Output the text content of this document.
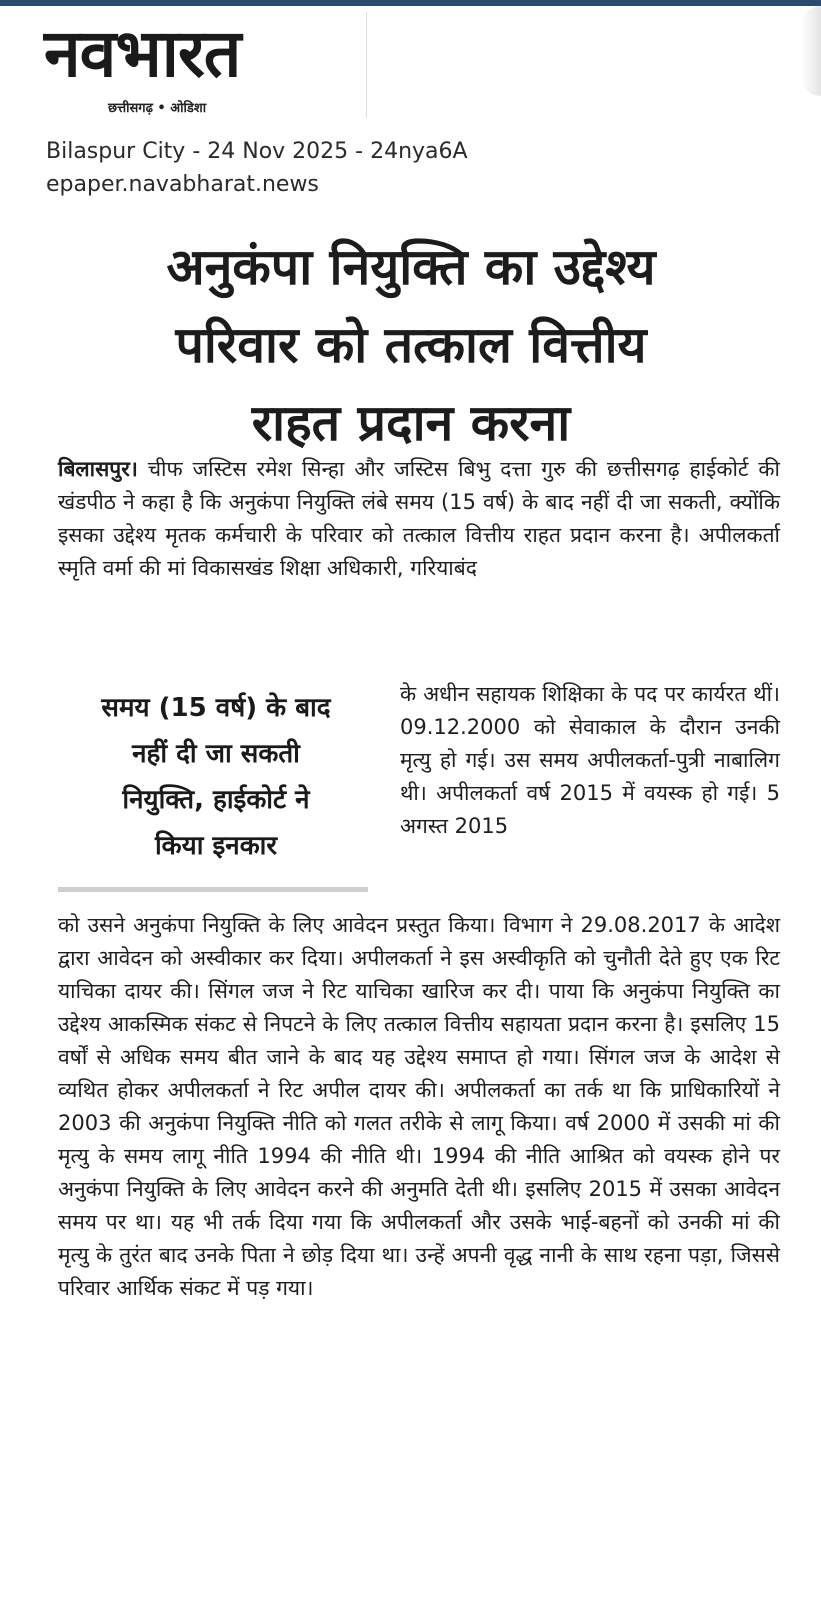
नवभारत
छत्तीसगढ़ • ओडिशा
Bilaspur City - 24 Nov 2025 - 24nya6A
epaper.navabharat.news
अनुकंपा नियुक्ति का उद्देश्य
परिवार को तत्काल वित्तीय
राहत प्रदान करना
बिलासपुर। चीफ जस्टिस रमेश सिन्हा और जस्टिस बिभु दत्ता गुरु की छत्तीसगढ़ हाईकोर्ट की खंडपीठ ने कहा है कि अनुकंपा नियुक्ति लंबे समय (15 वर्ष) के बाद नहीं दी जा सकती, क्योंकि इसका उद्देश्य मृतक कर्मचारी के परिवार को तत्काल वित्तीय राहत प्रदान करना है। अपीलकर्ता स्मृति वर्मा की मां विकासखंड शिक्षा अधिकारी, गरियाबंद
समय (15 वर्ष) के बाद
नहीं दी जा सकती
नियुक्ति, हाईकोर्ट ने
किया इनकार
के अधीन सहायक शिक्षिका के पद पर कार्यरत थीं। 09.12.2000 को सेवाकाल के दौरान उनकी मृत्यु हो गई। उस समय अपीलकर्ता-पुत्री नाबालिग थी। अपीलकर्ता वर्ष 2015 में वयस्क हो गई। 5 अगस्त 2015
को उसने अनुकंपा नियुक्ति के लिए आवेदन प्रस्तुत किया। विभाग ने 29.08.2017 के आदेश द्वारा आवेदन को अस्वीकार कर दिया। अपीलकर्ता ने इस अस्वीकृति को चुनौती देते हुए एक रिट याचिका दायर की। सिंगल जज ने रिट याचिका खारिज कर दी। पाया कि अनुकंपा नियुक्ति का उद्देश्य आकस्मिक संकट से निपटने के लिए तत्काल वित्तीय सहायता प्रदान करना है। इसलिए 15 वर्षों से अधिक समय बीत जाने के बाद यह उद्देश्य समाप्त हो गया। सिंगल जज के आदेश से व्यथित होकर अपीलकर्ता ने रिट अपील दायर की। अपीलकर्ता का तर्क था कि प्राधिकारियों ने 2003 की अनुकंपा नियुक्ति नीति को गलत तरीके से लागू किया। वर्ष 2000 में उसकी मां की मृत्यु के समय लागू नीति 1994 की नीति थी। 1994 की नीति आश्रित को वयस्क होने पर अनुकंपा नियुक्ति के लिए आवेदन करने की अनुमति देती थी। इसलिए 2015 में उसका आवेदन समय पर था। यह भी तर्क दिया गया कि अपीलकर्ता और उसके भाई-बहनों को उनकी मां की मृत्यु के तुरंत बाद उनके पिता ने छोड़ दिया था। उन्हें अपनी वृद्ध नानी के साथ रहना पड़ा, जिससे परिवार आर्थिक संकट में पड़ गया।
